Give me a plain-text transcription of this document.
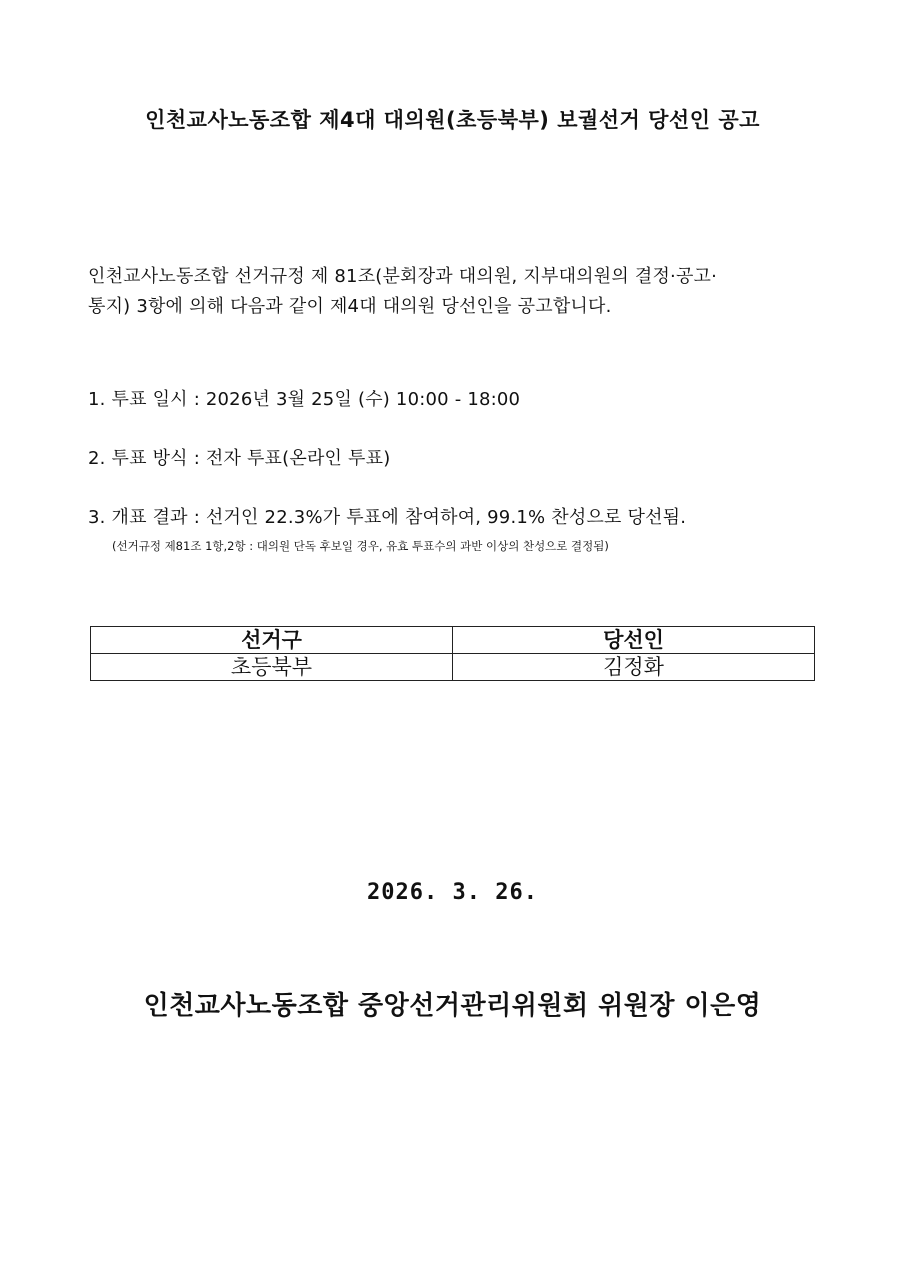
인천교사노동조합 제4대 대의원(초등북부) 보궐선거 당선인 공고
인천교사노동조합 선거규정 제 81조(분회장과 대의원, 지부대의원의 결정·공고·
통지) 3항에 의해 다음과 같이 제4대 대의원 당선인을 공고합니다.
1. 투표 일시 : 2026년 3월 25일 (수) 10:00 - 18:00
2. 투표 방식 : 전자 투표(온라인 투표)
3. 개표 결과 : 선거인 22.3%가 투표에 참여하여, 99.1% 찬성으로 당선됨.
(선거규정 제81조 1항,2항 : 대의원 단독 후보일 경우, 유효 투표수의 과반 이상의 찬성으로 결정됨)
선거구	당선인
초등북부	김정화
2026. 3. 26.
인천교사노동조합 중앙선거관리위원회 위원장 이은영
